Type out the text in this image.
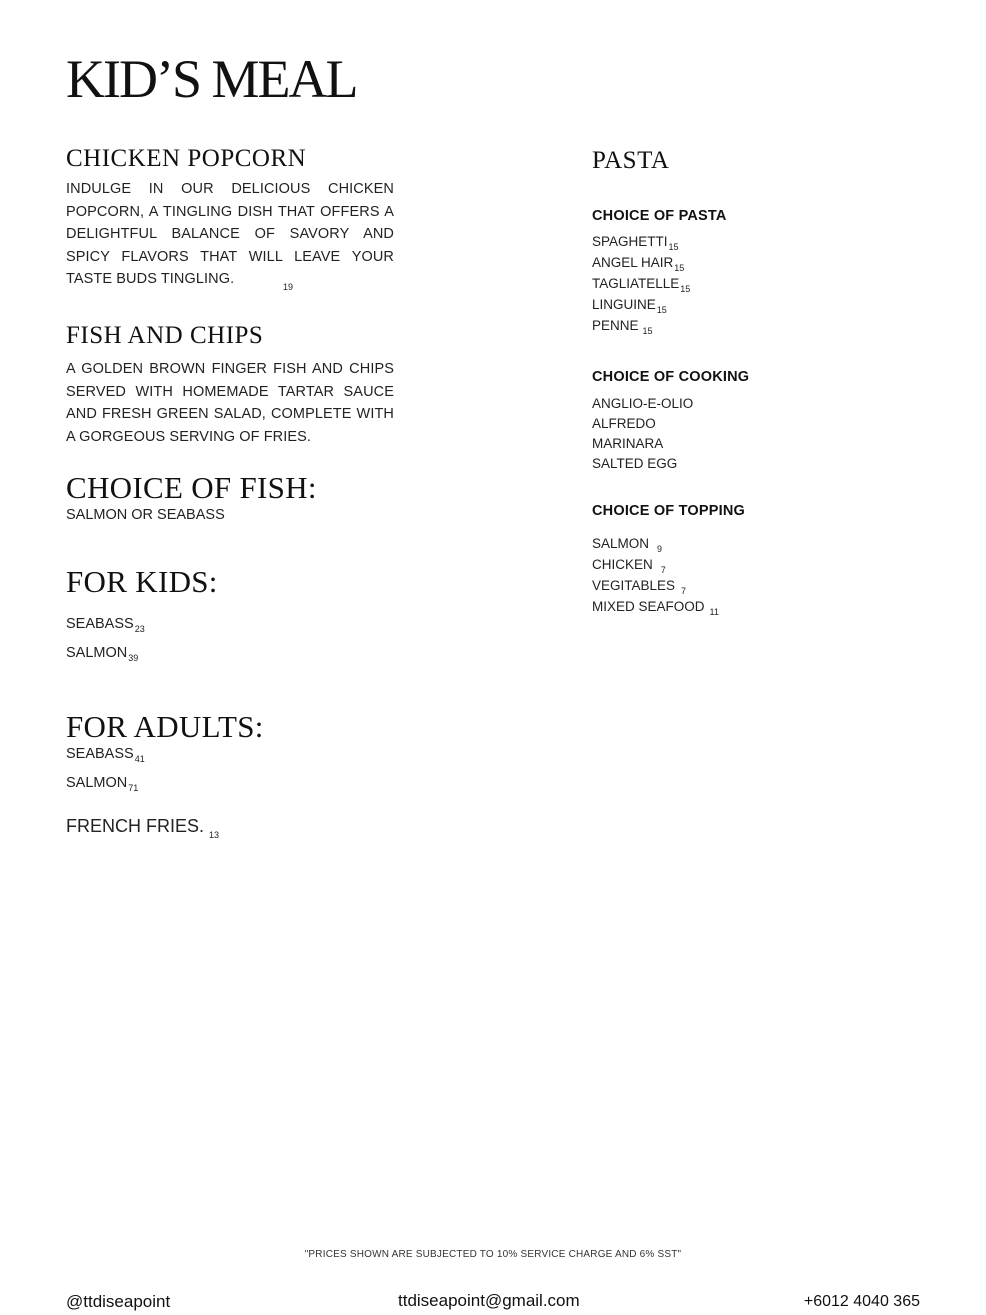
KID’S MEAL
CHICKEN POPCORN

INDULGE IN OUR DELICIOUS CHICKEN

POPCORN, A TINGLING DISH THAT OFFERS A

DELIGHTFUL BALANCE OF SAVORY AND

SPICY FLAVORS THAT WILL LEAVE YOUR

TASTE BUDS TINGLING.	19
FISH AND CHIPS

A GOLDEN BROWN FINGER FISH AND CHIPS

SERVED WITH HOMEMADE TARTAR SAUCE

AND FRESH GREEN SALAD, COMPLETE WITH

A GORGEOUS SERVING OF FRIES.

CHOICE OF FISH:
SALMON OR SEABASS
FOR KIDS:
$SEABASS_{23}$
$SALMON_{39}$
FOR ADULTS:
$SEABASS_{41}$
$SALMON_{71}$
FRENCH FRIES. $_{13}$
PASTA
CHOICE OF PASTA
$SPAGHETTI_{15}$
ANGEL $HAIR_{15}$
$TAGLIATELLE_{15}$
$LINGUINE_{15}$
PENNE $_{15}$
CHOICE OF COOKING
ANGLIO-E-OLIO
ALFREDO
MARINARA
SALTED EGG
CHOICE OF TOPPING
SALMON $_9$
CHICKEN $_7$
VEGITABLES $_7$
MIXED SEAFOOD $_{11}$
"PRICES SHOWN ARE SUBJECTED TO 10% SERVICE CHARGE AND 6% SST"
@ttdiseapoint	ttdiseapoint@gmail.com	+6012 4040 365
